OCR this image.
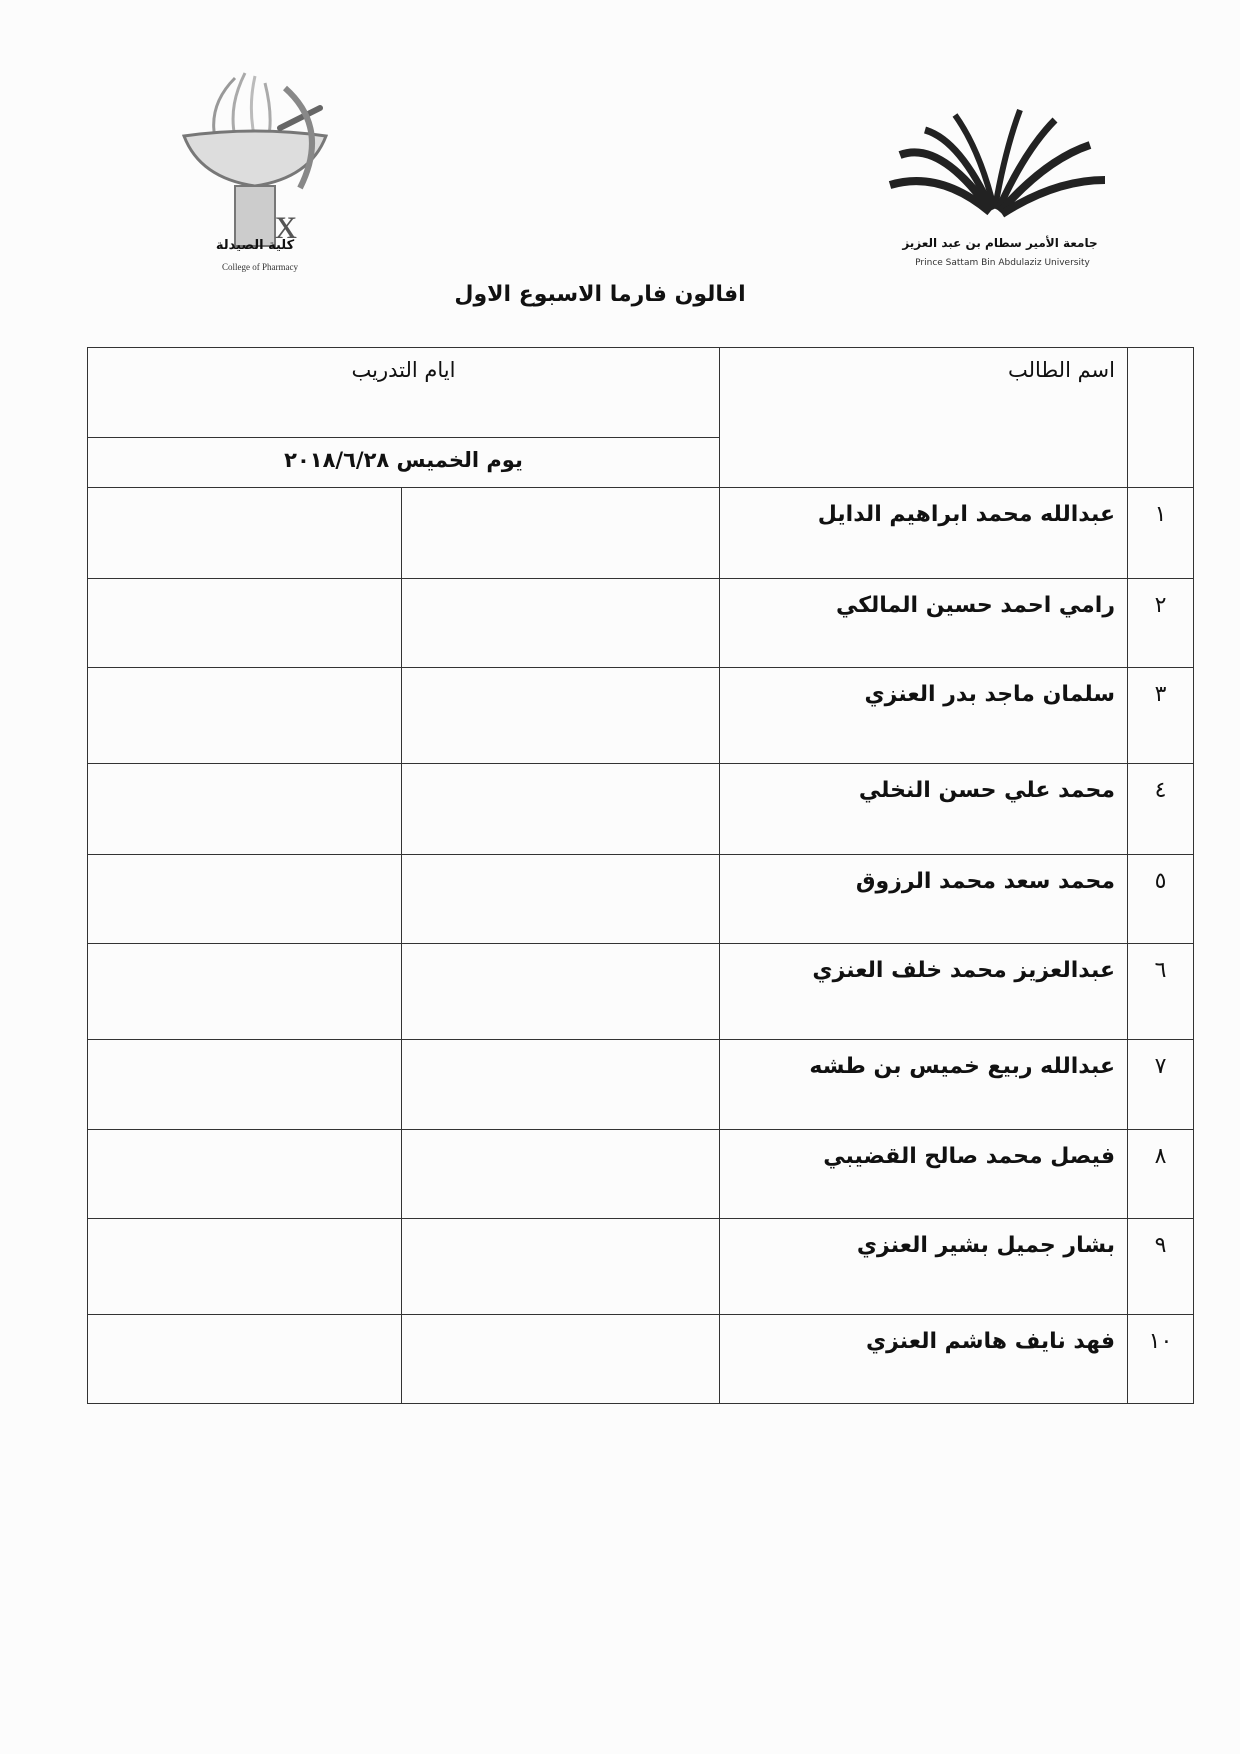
x
كلية الصيدلة
College of Pharmacy
جامعة الأمير سطام بن عبد العزيز
Prince Sattam Bin Abdulaziz University
افالون فارما الاسبوع الاول

	اسم الطالب	ايام التدريب	

		يوم الخميس ٢٠١٨/٦/٢٨	

١	عبدالله محمد ابراهيم الدايل		

٢	رامي احمد حسين المالكي		

٣	سلمان ماجد بدر العنزي		

٤	محمد علي حسن النخلي		

٥	محمد سعد محمد الرزوق		

٦	عبدالعزيز محمد خلف العنزي		

٧	عبدالله ربيع خميس بن طشه		

٨	فيصل محمد صالح القضيبي		

٩	بشار جميل بشير العنزي		

١٠	فهد نايف هاشم العنزي		
